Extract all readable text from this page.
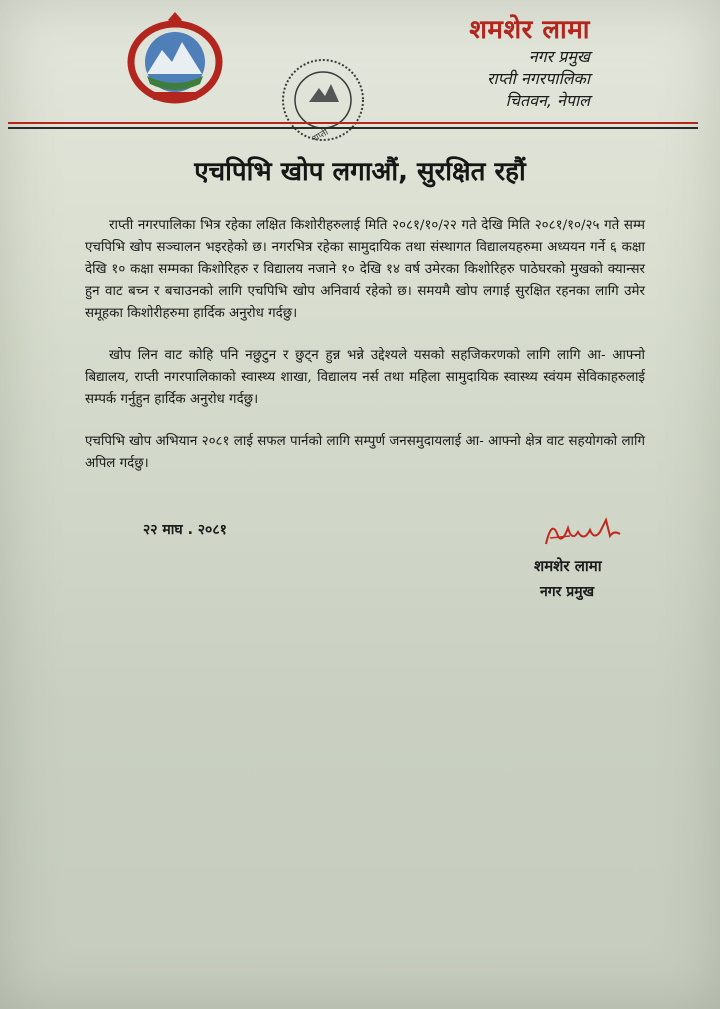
राप्ती
शमशेर लामा
नगर प्रमुख
राप्ती नगरपालिका
चितवन, नेपाल
एचपिभि खोप लगाऔं, सुरक्षित रहौं

राप्ती नगरपालिका भित्र रहेका लक्षित किशोरीहरुलाई मिति २०८१/१०/२२ गते देखि मिति २०८१/१०/२५ गते सम्म एचपिभि खोप सञ्चालन भइरहेको छ। नगरभित्र रहेका सामुदायिक तथा संस्थागत विद्यालयहरुमा अध्ययन गर्ने ६ कक्षा देखि १० कक्षा सम्मका किशोरिहरु र विद्यालय नजाने १० देखि १४ वर्ष उमेरका किशोरिहरु पाठेघरको मुखको क्यान्सर हुन वाट बच्न र बचाउनको लागि एचपिभि खोप अनिवार्य रहेको छ। समयमै खोप लगाई सुरक्षित रहनका लागि उमेर समूहका किशोरीहरुमा हार्दिक अनुरोध गर्दछु।

खोप लिन वाट कोहि पनि नछुटुन र छुट्न हुन्न भन्ने उद्देश्यले यसको सहजिकरणको लागि लागि आ- आफ्नो बिद्यालय, राप्ती नगरपालिकाको स्वास्थ्य शाखा, विद्यालय नर्स तथा महिला सामुदायिक स्वास्थ्य स्वंयम सेविकाहरुलाई सम्पर्क गर्नुहुन हार्दिक अनुरोध गर्दछु।

एचपिभि खोप अभियान २०८१ लाई सफल पार्नको लागि सम्पुर्ण जनसमुदायलाई आ- आफ्नो क्षेत्र वाट सहयोगको लागि अपिल गर्दछु।

२२ माघ . २०८१
शमशेर लामा
नगर प्रमुख
